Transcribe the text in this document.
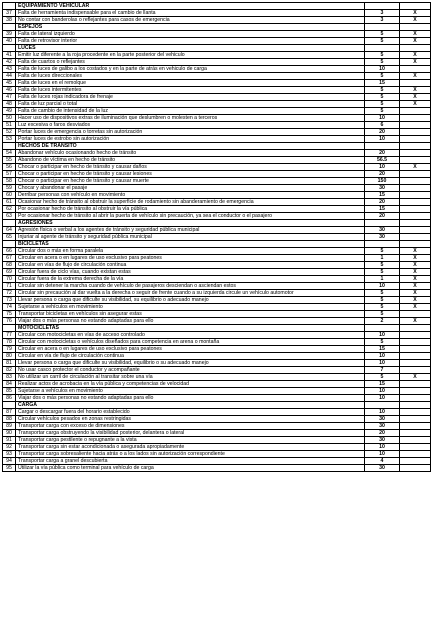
	EQUIPAMIENTO VEHICULAR		
37	Falta de herramienta indispensable para el cambio de llanta	3	X
38	No contar con banderolas o reflejantes para casos de emergencia	3	X
	ESPEJOS		
39	Falta de lateral izquierdo	5	X
40	Falta de retrovisor interior	5	X
	LUCES		
41	Emitir luz diferente a la roja procedente en la parte posterior del vehiculo	5	X
42	Falta de cuartos o reflejantes	5	X
43	Falta de luces de galibo a los costados y en la parte de atrás en vehiculo de carga	10	
44	Falta de luces direccionales	5	X
45	Falta de luces en el remolque	15	
46	Falta de luces intermitentes	5	X
47	Falta de luces rojas indicadora de frenaje	5	X
48	Falta de luz parcial o total	5	X
49	Falta de cambio de intensidad de la luz	5	
50	Hacer uso de dispositivos extras de iluminación que deslumbren o molesten a terceros	10	
51	Luz excesiva o faros desviados	6	
52	Portar luces de emergencia o torretas sin autorización	20	
53	Portar luces de estrobo sin autorización	10	
	HECHOS DE TRÁNSITO		
54	Abandonar vehículo ocasionando hecho de tránsito	20	
55	Abandono de víctima en hecho de tránsito	56.5	
56	Chocar o participar en hecho de tránsito y causar daños	10	X
57	Chocar o participar en hecho de tránsito y causar lesiones	20	
58	Chocar o participar en hecho de tránsito y causar muerte	150	
59	Chocar y abandonar el pasaje	30	
60	Derribar personas con vehículo en movimiento	15	
61	Ocasionar hecho de tránsito al obstruir la superficie de rodamiento sin abanderamiento de emergencia	20	
62	Por ocasionar hecho de tránsito al obstruir la vía pública	15	
63	Por ocasionar hecho de tránsito al abrir la puerta de vehículo sin precaución, ya sea el conductor o el pasajero	20	
	AGRESIONES		
64	Agresión física o verbal a los agentes de tránsito y seguridad pública municipal	30	
65	Injuriar al agente de tránsito y seguridad pública municipal	30	
	BICICLETAS		
66	Circular dos o más en forma paralela	5	X
67	Circular en acera o en lugares de uso exclusivo para peatones	1	X
68	Circular en vías de flujo de circulación continua	5	X
69	Circular fuera de ciclo vías, cuando existan estas	5	X
70	Circular fuera de la extrema derecha de la vía	1	X
71	Circular sin detener la marcha cuando de vehículo de pasajeros desciendan o asciendan estos	10	X
72	Circular sin precaución al dar vuelta a la derecha o seguir de frente cuando a su izquierda circule un vehículo automotor	5	X
73	Llevar persona o carga que dificulte su visibilidad, su equilibrio o adecuado manejo	5	X
74	Sujetarse a vehículos en movimiento	5	X
75	Transportar bicicletas en vehículos sin asegurar estas	5	
76	Viajar dos o más personas no estando adaptadas para ello	2	X
	MOTOCICLETAS		
77	Circular con motocicletas en vías de acceso controlado	10	
78	Circular con motocicletas o vehículos diseñados para competencia en arena o montaña	5	
79	Circular en acera o en lugares de uso exclusivo para peatones	15	
80	Circular en vía de flujo de circulación continua	10	
81	Llevar persona o carga que dificulte su visibilidad, equilibrio o su adecuado manejo	10	
82	No usar casco protector el conductor y acompañante	7	
83	No utilizar un carril de circulación al transitar sobre una vía	5	X
84	Realizar actos de acrobacia en la vía pública y competencias de velocidad	15	
85	Sujetarse a vehículos en movimiento	10	
86	Viajar dos o más personas no estando adaptadas para ello	10	
	CARGA		
87	Cargar o descargar fuera del horario establecido	10	
88	Circular vehículos pesados en zonas restringidas	30	
89	Transportar carga con exceso de dimensiones	30	
90	Transportar carga obstruyendo la visibilidad posterior, delantera o lateral	20	
91	Transportar carga pestilente o repugnante a la vista	30	
92	Transportar carga sin estar acondicionada o asegurada apropiadamente	10	
93	Transportar carga sobresaliente hacia atrás o a los lados sin autorización correspondiente	10	
94	Transportar carga a granel descubierta	4	
95	Utilizar la vía pública como terminal para vehículo de carga	30	
